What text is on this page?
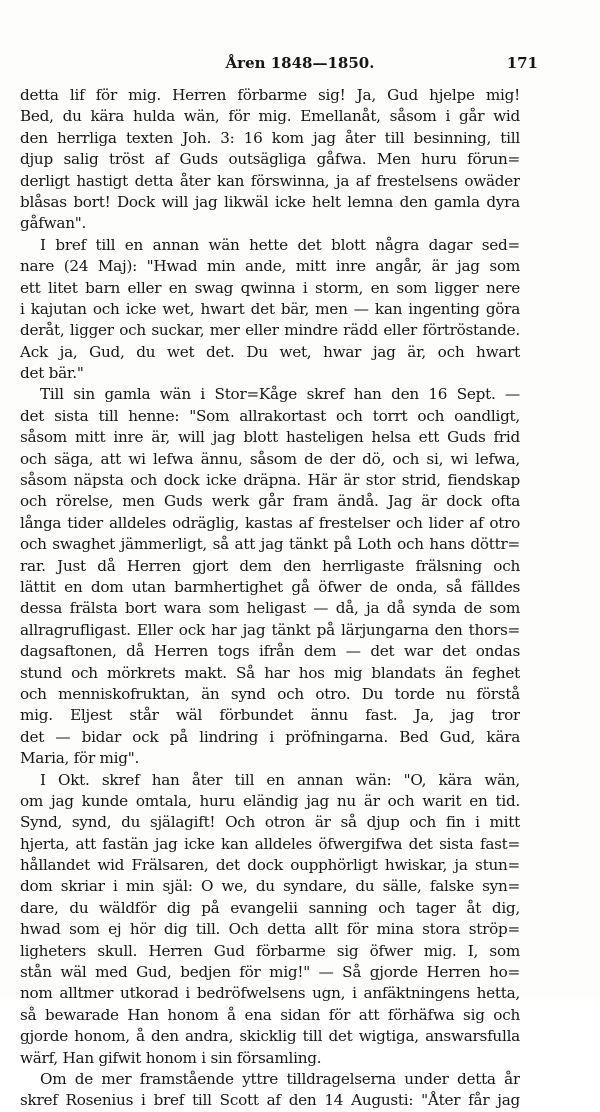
Åren 1848—1850.	171
detta lif för mig. Herren förbarme sig! Ja, Gud hjelpe mig!
Bed, du kära hulda wän, för mig. Emellanåt, såsom i går wid
den herrliga texten Joh. 3: 16 kom jag åter till besinning, till
djup salig tröst af Guds outsägliga gåfwa. Men huru förun=
derligt hastigt detta åter kan förswinna, ja af frestelsens owäder
blåsas bort! Dock will jag likwäl icke helt lemna den gamla dyra
gåfwan".
I bref till en annan wän hette det blott några dagar sed=
nare (24 Maj): "Hwad min ande, mitt inre angår, är jag som
ett litet barn eller en swag qwinna i storm, en som ligger nere
i kajutan och icke wet, hwart det bär, men — kan ingenting göra
deråt, ligger och suckar, mer eller mindre rädd eller förtröstande.
Ack ja, Gud, du wet det. Du wet, hwar jag är, och hwart
det bär."
Till sin gamla wän i Stor=Kåge skref han den 16 Sept. —
det sista till henne: "Som allrakortast och torrt och oandligt,
såsom mitt inre är, will jag blott hasteligen helsa ett Guds frid
och säga, att wi lefwa ännu, såsom de der dö, och si, wi lefwa,
såsom näpsta och dock icke dräpna. Här är stor strid, fiendskap
och rörelse, men Guds werk går fram ändå. Jag är dock ofta
långa tider alldeles odräglig, kastas af frestelser och lider af otro
och swaghet jämmerligt, så att jag tänkt på Loth och hans döttr=
rar. Just då Herren gjort dem den herrligaste frälsning och
lättit en dom utan barmhertighet gå öfwer de onda, så fälldes
dessa frälsta bort wara som heligast — då, ja då synda de som
allragrufligast. Eller ock har jag tänkt på lärjungarna den thors=
dagsaftonen, då Herren togs ifrån dem — det war det ondas
stund och mörkrets makt. Så har hos mig blandats än feghet
och menniskofruktan, än synd och otro. Du torde nu förstå
mig. Eljest står wäl förbundet ännu fast. Ja, jag tror
det — bidar ock på lindring i pröfningarna. Bed Gud, kära
Maria, för mig".
I Okt. skref han åter till en annan wän: "O, kära wän,
om jag kunde omtala, huru eländig jag nu är och warit en tid.
Synd, synd, du själagift! Och otron är så djup och fin i mitt
hjerta, att fastän jag icke kan alldeles öfwergifwa det sista fast=
hållandet wid Frälsaren, det dock oupphörligt hwiskar, ja stun=
dom skriar i min själ: O we, du syndare, du sälle, falske syn=
dare, du wäldför dig på evangelii sanning och tager åt dig,
hwad som ej hör dig till. Och detta allt för mina stora ströp=
ligheters skull. Herren Gud förbarme sig öfwer mig. I, som
stån wäl med Gud, bedjen för mig!" — Så gjorde Herren ho=
nom alltmer utkorad i bedröfwelsens ugn, i anfäktningens hetta,
så bewarade Han honom å ena sidan för att förhäfwa sig och
gjorde honom, å den andra, skicklig till det wigtiga, answarsfulla
wärf, Han gifwit honom i sin församling.
Om de mer framstående yttre tilldragelserna under detta år
skref Rosenius i bref till Scott af den 14 Augusti: "Åter får jag
